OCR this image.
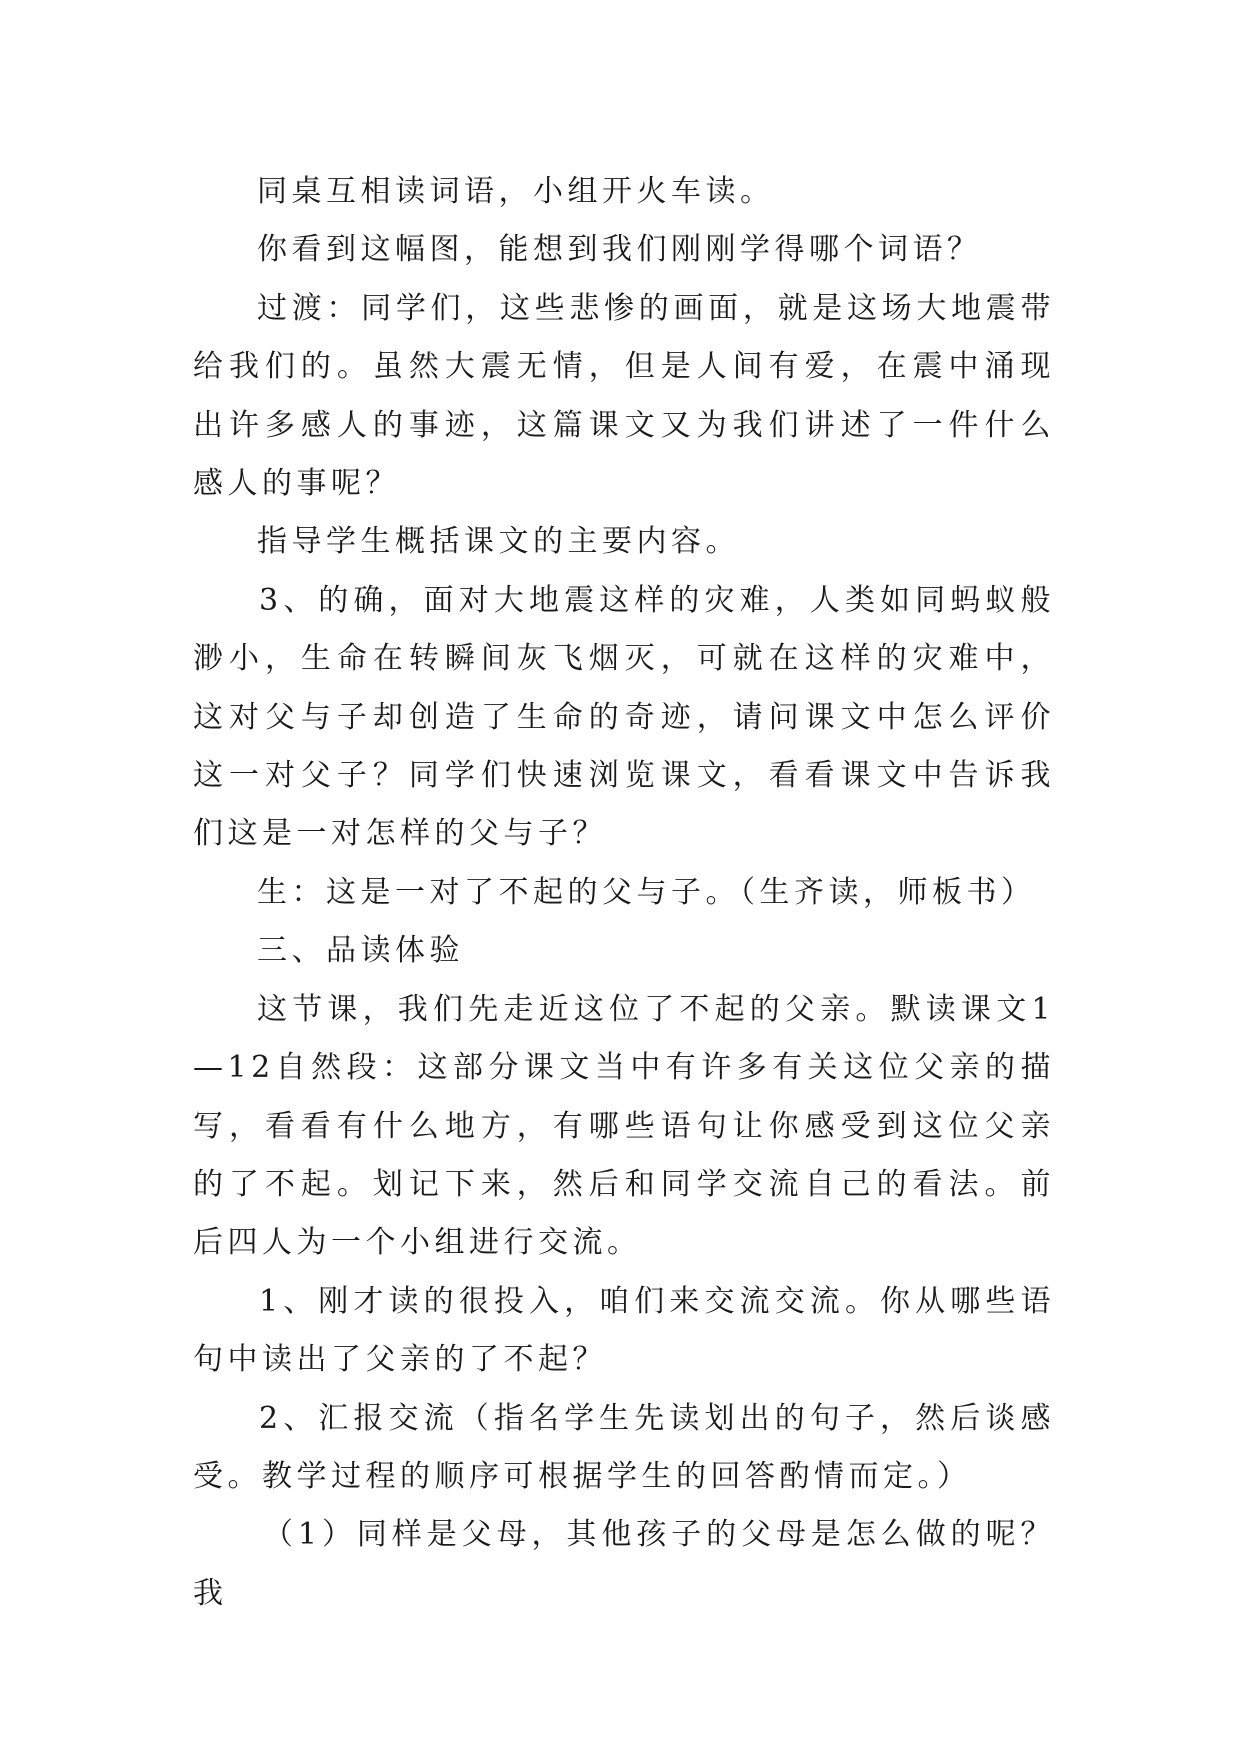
同桌互相读词语，小组开火车读。

你看到这幅图，能想到我们刚刚学得哪个词语？

过渡：同学们，这些悲惨的画面，就是这场大地震带给我们的。虽然大震无情，但是人间有爱，在震中涌现出许多感人的事迹，这篇课文又为我们讲述了一件什么感人的事呢？

指导学生概括课文的主要内容。

3、的确，面对大地震这样的灾难，人类如同蚂蚁般渺小，生命在转瞬间灰飞烟灭，可就在这样的灾难中，这对父与子却创造了生命的奇迹，请问课文中怎么评价这一对父子？同学们快速浏览课文，看看课文中告诉我们这是一对怎样的父与子？

生：这是一对了不起的父与子。（生齐读，师板书）

三、品读体验

这节课，我们先走近这位了不起的父亲。默读课文1—12自然段：这部分课文当中有许多有关这位父亲的描写，看看有什么地方，有哪些语句让你感受到这位父亲的了不起。划记下来，然后和同学交流自己的看法。前后四人为一个小组进行交流。

1、刚才读的很投入，咱们来交流交流。你从哪些语句中读出了父亲的了不起？

2、汇报交流（指名学生先读划出的句子，然后谈感受。教学过程的顺序可根据学生的回答酌情而定。）

（1）同样是父母，其他孩子的父母是怎么做的呢？我
